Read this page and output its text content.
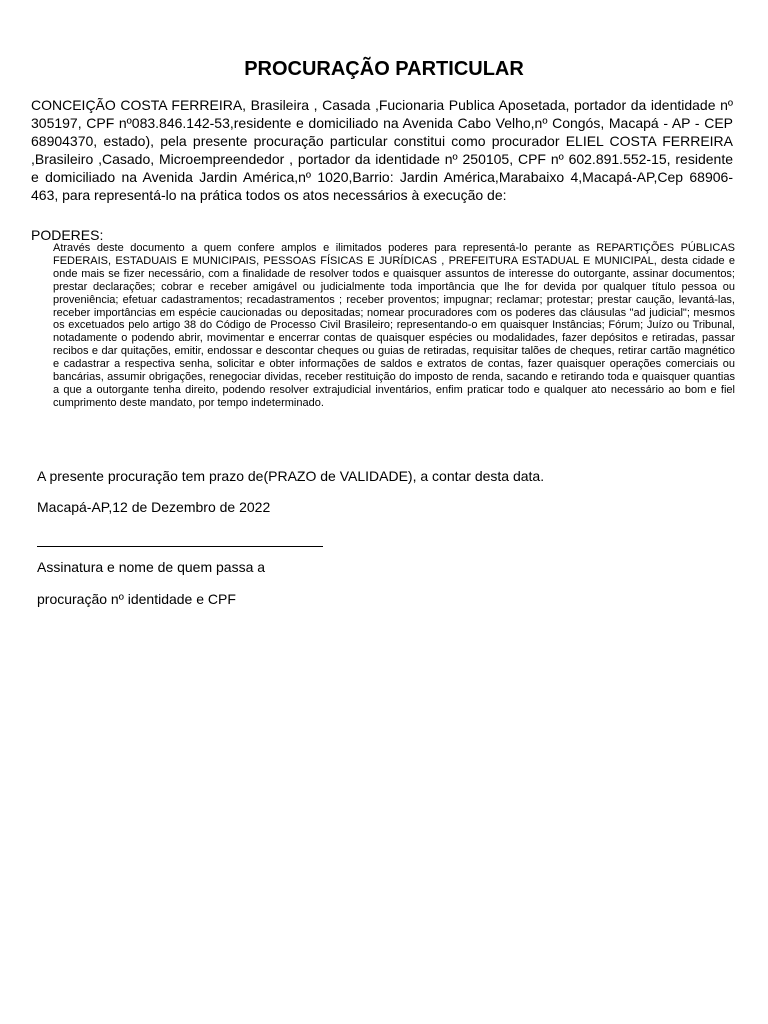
PROCURAÇÃO PARTICULAR

CONCEIÇÃO COSTA FERREIRA, Brasileira , Casada ,Fucionaria Publica Aposetada, portador da identidade nº 305197, CPF nº083.846.142-53,residente e domiciliado na Avenida Cabo Velho,nº Congós, Macapá - AP - CEP 68904370, estado), pela presente procuração particular constitui como procurador ELIEL COSTA FERREIRA ,Brasileiro ,Casado, Microempreendedor , portador da identidade nº 250105, CPF nº 602.891.552-15, residente e domiciliado na Avenida Jardin América,nº 1020,Barrio: Jardin América,Marabaixo 4,Macapá-AP,Cep 68906-463, para representá-lo na prática todos os atos necessários à execução de:

PODERES:

Através deste documento a quem confere amplos e ilimitados poderes para representá-lo perante as REPARTIÇÕES PÚBLICAS FEDERAIS, ESTADUAIS E MUNICIPAIS, PESSOAS FÍSICAS E JURÍDICAS , PREFEITURA ESTADUAL E MUNICIPAL, desta cidade e onde mais se fizer necessário, com a finalidade de resolver todos e quaisquer assuntos de interesse do outorgante, assinar documentos; prestar declarações; cobrar e receber amigável ou judicialmente toda importância que lhe for devida por qualquer título pessoa ou proveniência; efetuar cadastramentos; recadastramentos ; receber proventos; impugnar; reclamar; protestar; prestar caução, levantá-las, receber importâncias em espécie caucionadas ou depositadas; nomear procuradores com os poderes das cláusulas "ad judicial"; mesmos os excetuados pelo artigo 38 do Código de Processo Civil Brasileiro; representando-o em quaisquer Instâncias; Fórum; Juízo ou Tribunal, notadamente o podendo abrir, movimentar e encerrar contas de quaisquer espécies ou modalidades, fazer depósitos e retiradas, passar recibos e dar quitações, emitir, endossar e descontar cheques ou guias de retiradas, requisitar talões de cheques, retirar cartão magnético e cadastrar a respectiva senha, solicitar e obter informações de saldos e extratos de contas, fazer quaisquer operações comerciais ou bancárias, assumir obrigações, renegociar dividas, receber restituição do imposto de renda, sacando e retirando toda e quaisquer quantias a que a outorgante tenha direito, podendo resolver extrajudicial inventários, enfim praticar todo e qualquer ato necessário ao bom e fiel cumprimento deste mandato, por tempo indeterminado.

A presente procuração tem prazo de(PRAZO de VALIDADE), a contar desta data.

Macapá-AP,12 de Dezembro de 2022

Assinatura e nome de quem passa a

procuração nº identidade e CPF
